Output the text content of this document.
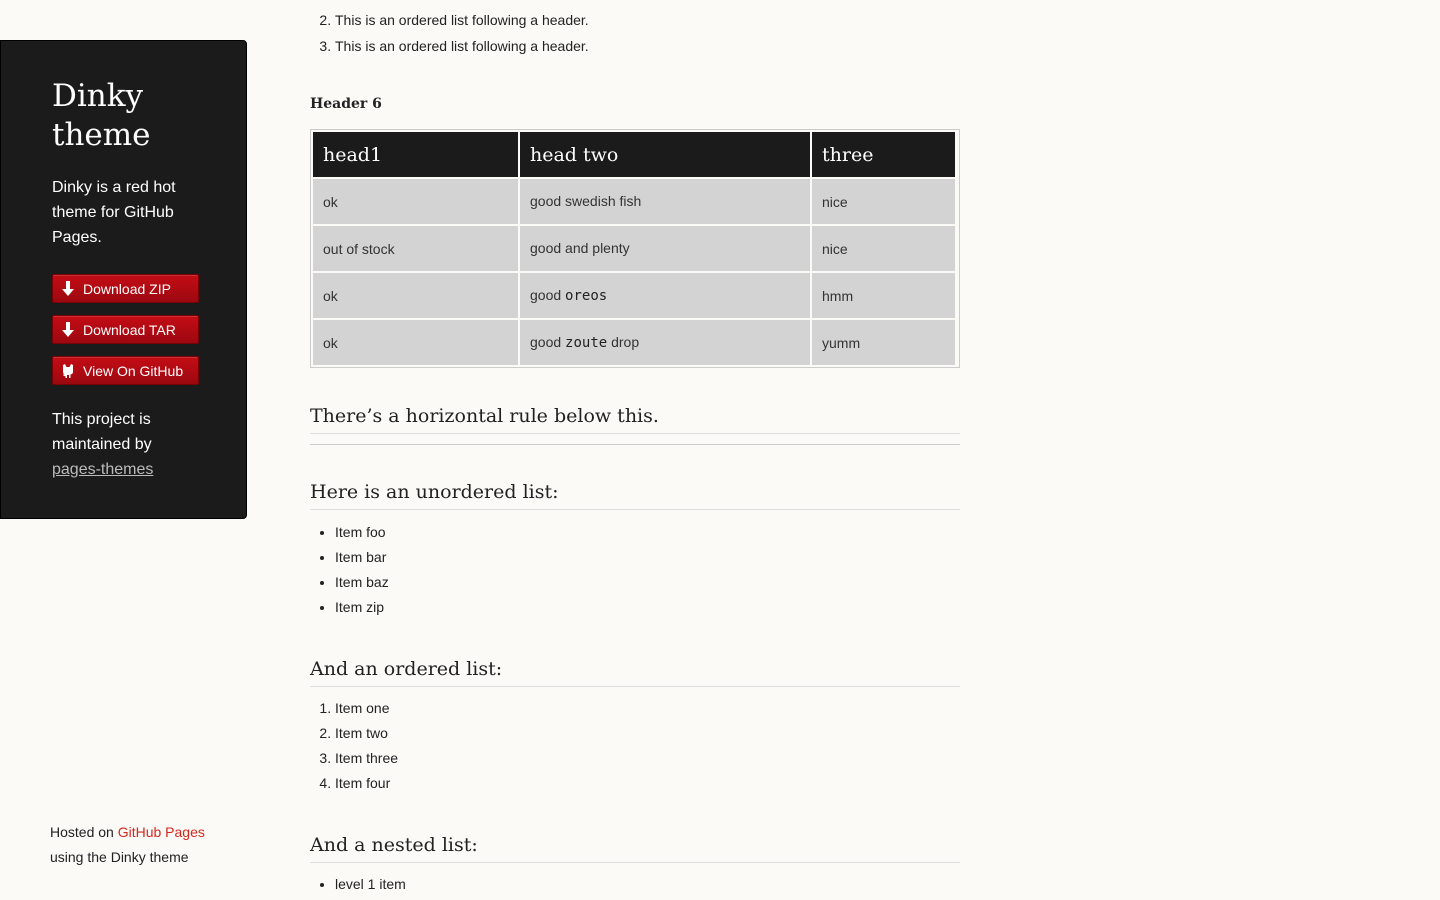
Dinky theme

Dinky is a red hot theme for GitHub Pages.

Download ZIP
Download TAR
View On GitHub

This project is maintained by
pages-themes

Hosted on GitHub Pages
using the Dinky theme
2. This is an ordered list following a header.
3. This is an ordered list following a header.
Header 6
head1	head two	three
ok	good swedish fish	nice
out of stock	good and plenty	nice
ok	good oreos	hmm
ok	good zoute drop	yumm
There’s a horizontal rule below this.
Here is an unordered list:
• Item foo
• Item bar
• Item baz
• Item zip
And an ordered list:
1. Item one
2. Item two
3. Item three
4. Item four
And a nested list:
• level 1 item
